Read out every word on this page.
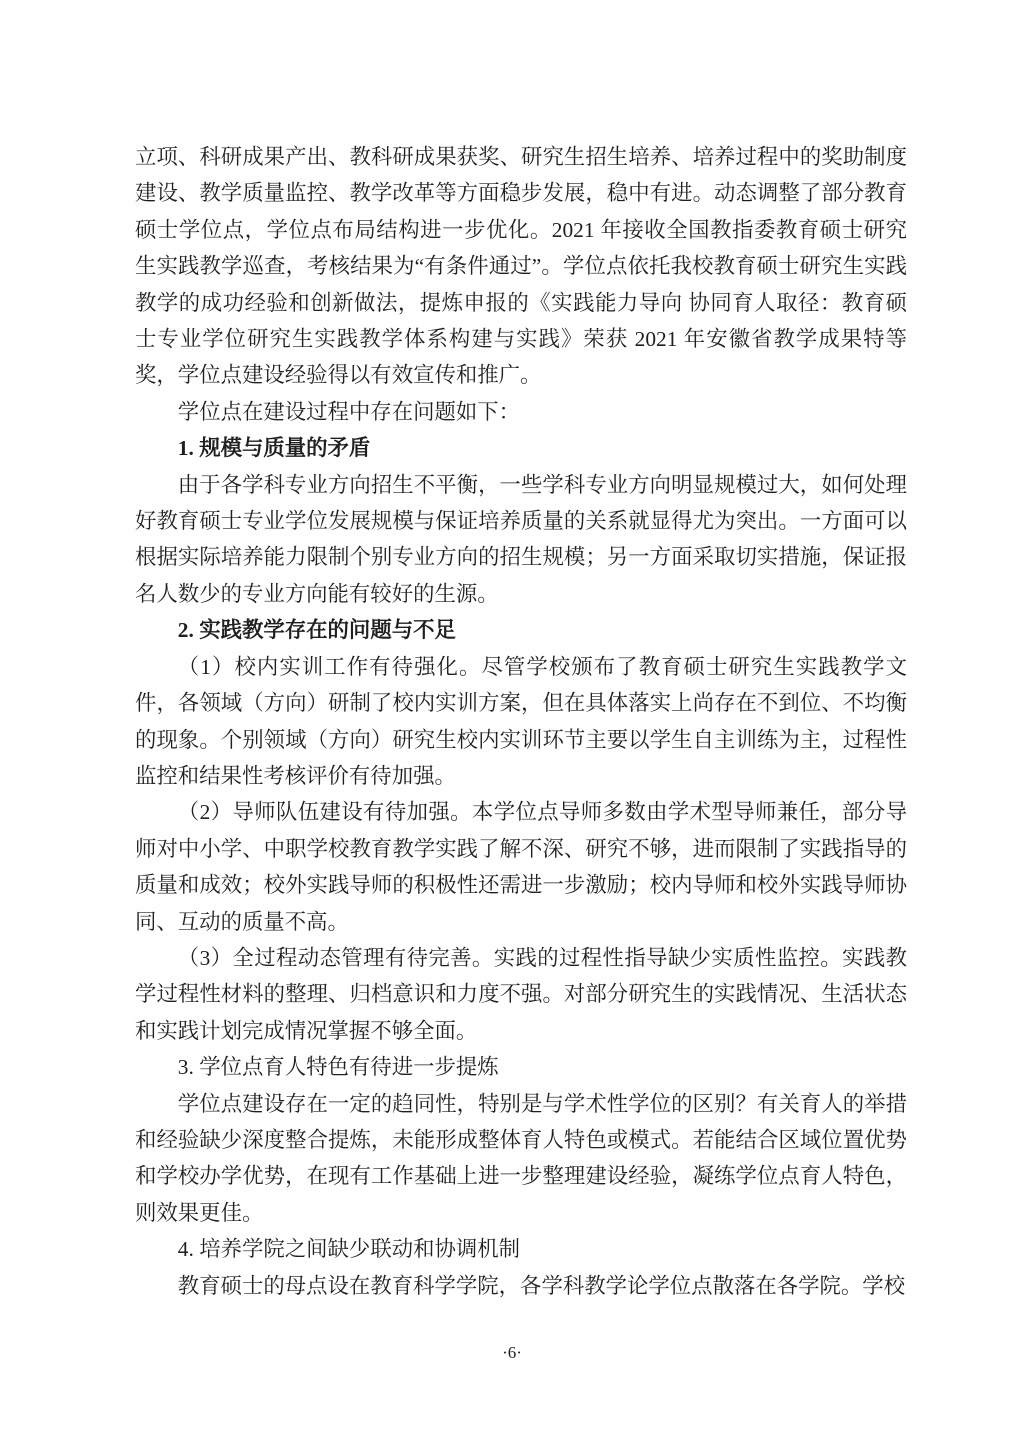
立项、科研成果产出、教科研成果获奖、研究生招生培养、培养过程中的奖助制度建设、教学质量监控、教学改革等方面稳步发展，稳中有进。动态调整了部分教育硕士学位点，学位点布局结构进一步优化。2021 年接收全国教指委教育硕士研究生实践教学巡查，考核结果为“有条件通过”。学位点依托我校教育硕士研究生实践教学的成功经验和创新做法，提炼申报的《实践能力导向 协同育人取径：教育硕士专业学位研究生实践教学体系构建与实践》荣获 2021 年安徽省教学成果特等奖，学位点建设经验得以有效宣传和推广。

学位点在建设过程中存在问题如下：

1. 规模与质量的矛盾

由于各学科专业方向招生不平衡，一些学科专业方向明显规模过大，如何处理好教育硕士专业学位发展规模与保证培养质量的关系就显得尤为突出。一方面可以根据实际培养能力限制个别专业方向的招生规模；另一方面采取切实措施，保证报名人数少的专业方向能有较好的生源。

2. 实践教学存在的问题与不足

（1）校内实训工作有待强化。尽管学校颁布了教育硕士研究生实践教学文件，各领域（方向）研制了校内实训方案，但在具体落实上尚存在不到位、不均衡的现象。个别领域（方向）研究生校内实训环节主要以学生自主训练为主，过程性监控和结果性考核评价有待加强。

（2）导师队伍建设有待加强。本学位点导师多数由学术型导师兼任，部分导师对中小学、中职学校教育教学实践了解不深、研究不够，进而限制了实践指导的质量和成效；校外实践导师的积极性还需进一步激励；校内导师和校外实践导师协同、互动的质量不高。

（3）全过程动态管理有待完善。实践的过程性指导缺少实质性监控。实践教学过程性材料的整理、归档意识和力度不强。对部分研究生的实践情况、生活状态和实践计划完成情况掌握不够全面。

3. 学位点育人特色有待进一步提炼

学位点建设存在一定的趋同性，特别是与学术性学位的区别？有关育人的举措和经验缺少深度整合提炼，未能形成整体育人特色或模式。若能结合区域位置优势和学校办学优势，在现有工作基础上进一步整理建设经验，凝练学位点育人特色，则效果更佳。

4. 培养学院之间缺少联动和协调机制

教育硕士的母点设在教育科学学院，各学科教学论学位点散落在各学院。学校

·6·
